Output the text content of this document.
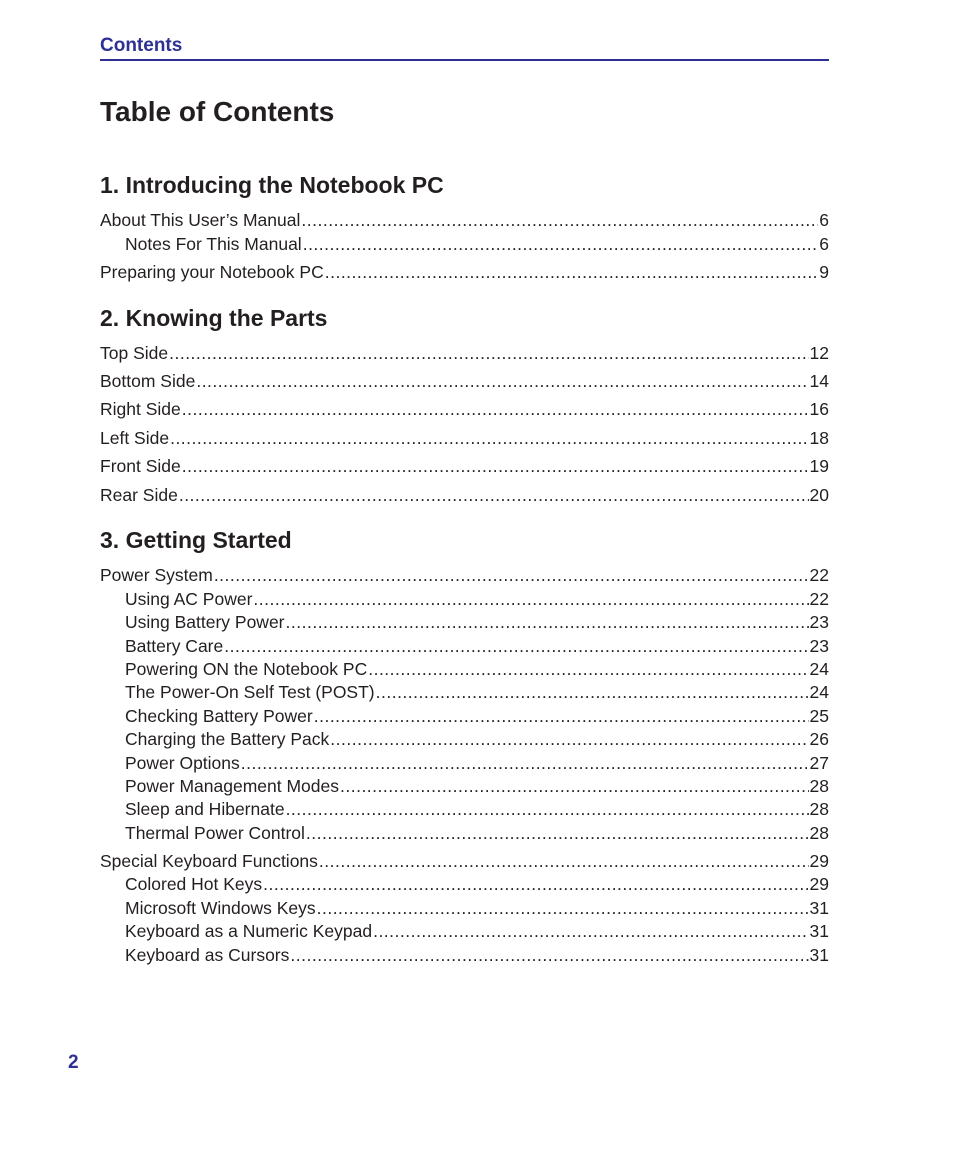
Contents
Table of Contents
1. Introducing the Notebook PC
About This User’s Manual .....	6
Notes For This Manual .....	6
Preparing your Notebook PC .....	9
2. Knowing the Parts
Top Side .....	12
Bottom Side .....	14
Right Side .....	16
Left Side .....	18
Front Side .....	19
Rear Side .....	20
3. Getting Started
Power System .....	22
Using AC Power .....	22
Using Battery Power .....	23
Battery Care .....	23
Powering ON the Notebook PC .....	24
The Power-On Self Test (POST) .....	24
Checking Battery Power .....	25
Charging the Battery Pack .....	26
Power Options .....	27
Power Management Modes .....	28
Sleep and Hibernate .....	28
Thermal Power Control .....	28
Special Keyboard Functions .....	29
Colored Hot Keys .....	29
Microsoft Windows Keys .....	31
Keyboard as a Numeric Keypad .....	31
Keyboard as Cursors .....	31
2
